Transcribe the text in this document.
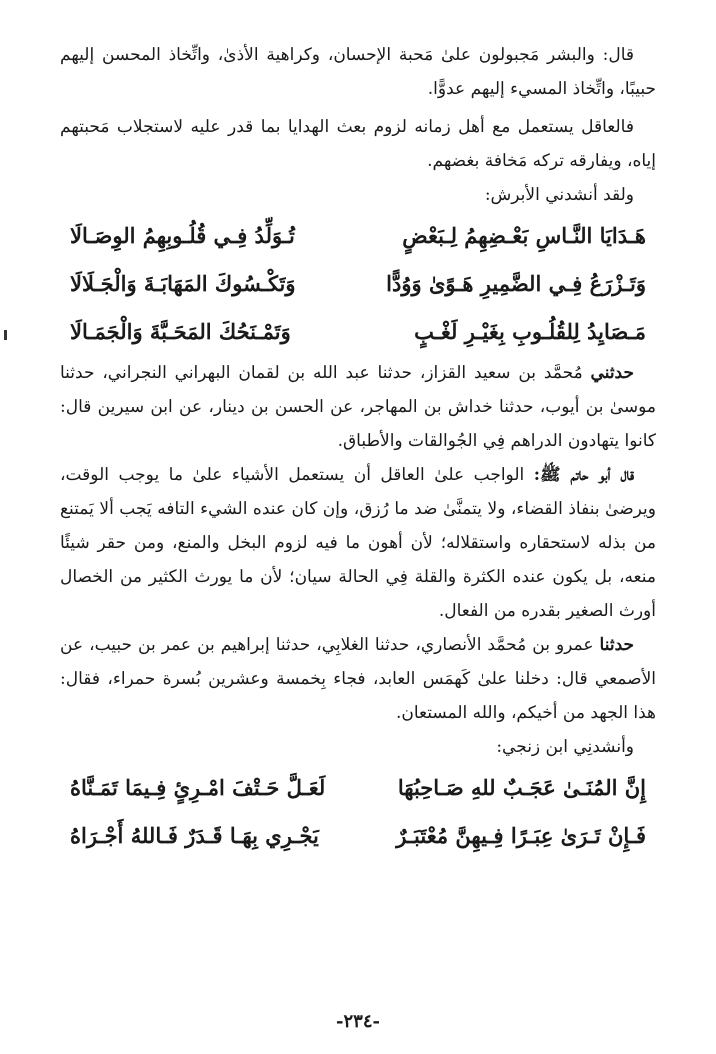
قال: والبشر مَجبولون علىٰ مَحبة الإحسان، وكراهية الأذىٰ، واتِّخاذ المحسن إليهم حبيبًا، واتِّخاذ المسيء إليهم عدوًّا.

فالعاقل يستعمل مع أهل زمانه لزوم بعث الهدايا بما قدر عليه لاستجلاب مَحبتهم إياه، ويفارقه تركه مَخافة بغضهم.

ولقد أنشدني الأبرش:
هَـدَايَا النَّـاسِ بَعْـضِهِمُ لِـبَعْضٍ
تُـوَلِّدُ فِـي قُلُـوبِهِمُ الوِصَـالَا
وَتَـزْرَعُ فِـي الضَّمِيرِ هَـوًىٰ وَوُدًّا
وَتَكْـسُوكَ المَهَابَـةَ وَالْجَـلَالَا
مَـصَايِدُ لِلقُلُـوبِ بِغَيْـرِ لَغْـبٍ
وَتَمْـنَحُكَ المَحَـبَّةَ وَالْجَمَـالَا

حدثني مُحمَّد بن سعيد القزاز، حدثنا عبد الله بن لقمان البهراني النجراني، حدثنا موسىٰ بن أيوب، حدثنا خداش بن المهاجر، عن الحسن بن دينار، عن ابن سيرين قال: كانوا يتهادون الدراهم فِي الجُوالقات والأطباق.

قال أبو حاتم ﷺ: الواجب علىٰ العاقل أن يستعمل الأشياء علىٰ ما يوجب الوقت، ويرضىٰ بنفاذ القضاء، ولا يتمنَّىٰ ضد ما رُزق، وإن كان عنده الشيء التافه يَجب ألا يَمتنع من بذله لاستحقاره واستقلاله؛ لأن أهون ما فيه لزوم البخل والمنع، ومن حقر شيئًا منعه، بل يكون عنده الكثرة والقلة فِي الحالة سيان؛ لأن ما يورث الكثير من الخصال أورث الصغير بقدره من الفعال.

حدثنا عمرو بن مُحمَّد الأنصاري، حدثنا الغلابِي، حدثنا إبراهيم بن عمر بن حبيب، عن الأصمعي قال: دخلنا علىٰ كَهمَس العابد، فجاء بِخمسة وعشرين بُسرة حمراء، فقال: هذا الجهد من أخيكم، والله المستعان.

وأنشدنِي ابن زنجي:
إِنَّ المُنَـىٰ عَجَـبٌ للهِ صَـاحِبُهَا
لَعَـلَّ حَـتْفَ امْـرِئٍ فِـيمَا تَمَـنَّاهُ
فَـإِنْ تَـرَىٰ عِبَـرًا فِـيهِنَّ مُعْتَبَـرٌ
يَجْـرِي بِهَـا قَـدَرٌ فَـاللهُ أَجْـرَاهُ
-٢٣٤-
